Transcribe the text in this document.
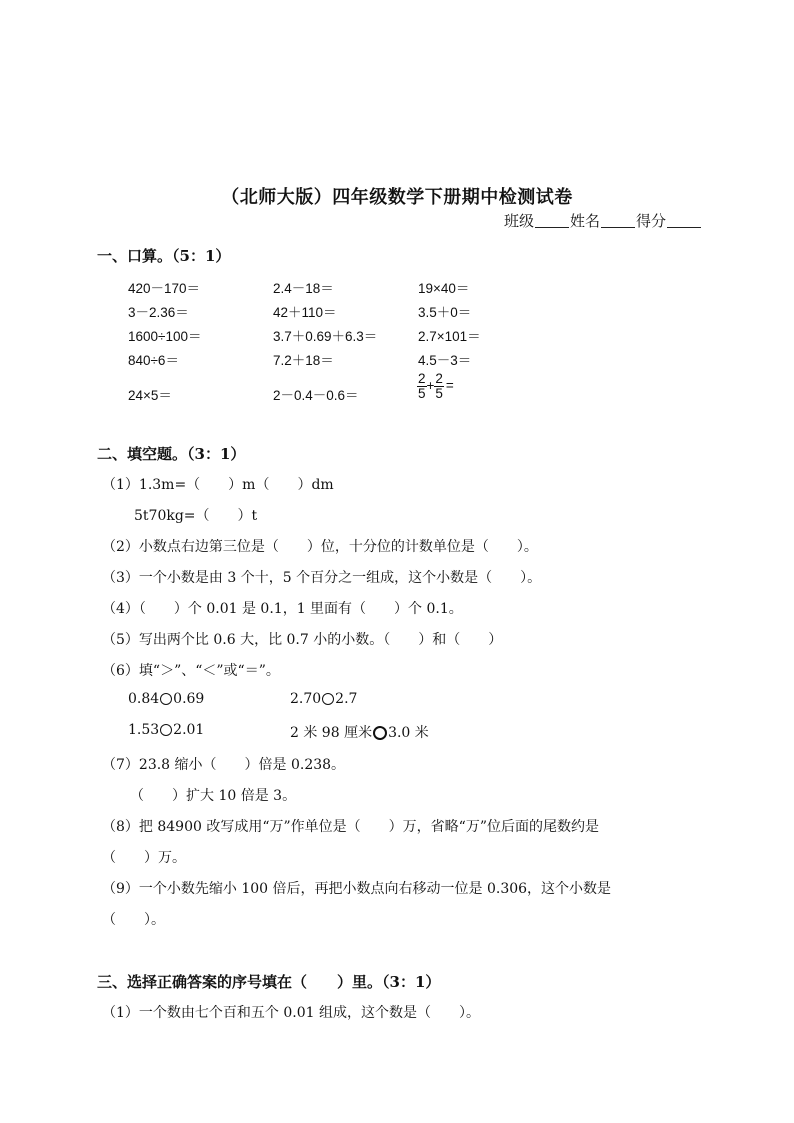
（北师大版）四年级数学下册期中检测试卷
班级 姓名 得分
一、口算。（5：1）
420－170＝	2.4－18＝	19×40＝
3－2.36＝	42＋110＝	3.5＋0＝
1600÷100＝	3.7＋0.69＋6.3＝	2.7×101＝
840÷6＝	7.2＋18＝	4.5－3＝
24×5＝	2－0.4－0.6＝	$\frac{2}{5} + \frac{2}{5}$ =
二、填空题。（3：1）
（1）1.3m=（　　）m（　　）dm
5t70kg=（　　）t
（2）小数点右边第三位是（　　）位，十分位的计数单位是（　　）。
（3）一个小数是由 3 个十，5 个百分之一组成，这个小数是（　　）。
（4）（　　）个 0.01 是 0.1，1 里面有（　　）个 0.1。
（5）写出两个比 0.6 大，比 0.7 小的小数。（　　）和（　　）
（6）填“＞”、“＜”或“＝”。
0.84 0.69	2.70 2.7
1.53 2.01	2 米 98 厘米 3.0 米
（7）23.8 缩小（　　）倍是 0.238。
（　　）扩大 10 倍是 3。
（8）把 84900 改写成用“万”作单位是（　　）万，省略“万”位后面的尾数约是
（　　）万。
（9）一个小数先缩小 100 倍后，再把小数点向右移动一位是 0.306，这个小数是
（　　）。
三、选择正确答案的序号填在（　　）里。（3：1）
（1）一个数由七个百和五个 0.01 组成，这个数是（　　）。
